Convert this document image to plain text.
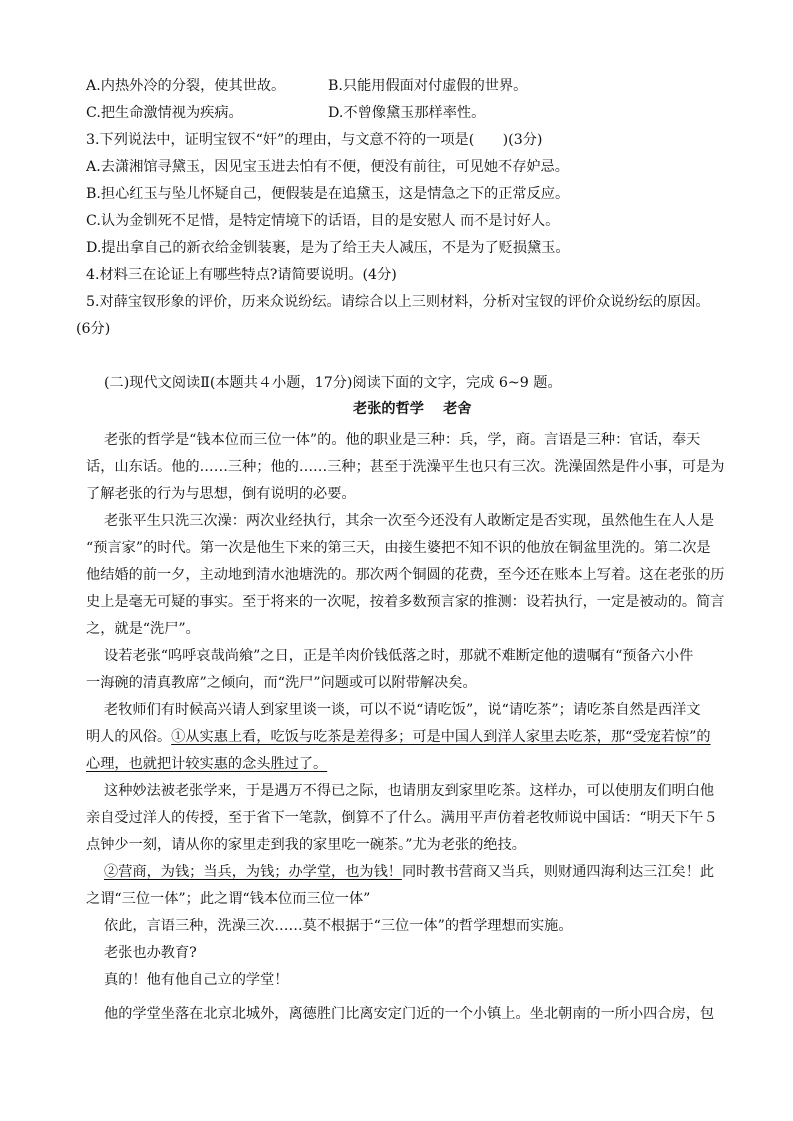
A.内热外冷的分裂，使其世故。	B.只能用假面对付虚假的世界。
C.把生命激情视为疾病。	D.不曾像黛玉那样率性。
3.下列说法中，证明宝钗不“奸”的理由，与文意不符的一项是(　　)(3分)
A.去潇湘馆寻黛玉，因见宝玉进去怕有不便，便没有前往，可见她不存妒忌。
B.担心红玉与坠儿怀疑自己，便假装是在追黛玉，这是情急之下的正常反应。
C.认为金钏死不足惜，是特定情境下的话语，目的是安慰人 而不是讨好人。
D.提出拿自己的新衣给金钏装裹，是为了给王夫人减压，不是为了贬损黛玉。
4.材料三在论证上有哪些特点?请简要说明。(4分)
5.对薛宝钗形象的评价，历来众说纷纭。请综合以上三则材料，分析对宝钗的评价众说纷纭的原因。
(6分)
(二)现代文阅读Ⅱ(本题共４小题，17分)阅读下面的文字，完成 6~9 题。
老张的哲学　 老舍
老张的哲学是“钱本位而三位一体”的。他的职业是三种：兵，学，商。言语是三种：官话，奉天
话，山东话。他的……三种；他的……三种；甚至于洗澡平生也只有三次。洗澡固然是件小事，可是为
了解老张的行为与思想，倒有说明的必要。
老张平生只洗三次澡：两次业经执行，其余一次至今还没有人敢断定是否实现，虽然他生在人人是
“预言家”的时代。第一次是他生下来的第三天，由接生婆把不知不识的他放在铜盆里洗的。第二次是
他结婚的前一夕，主动地到清水池塘洗的。那次两个铜圆的花费，至今还在账本上写着。这在老张的历
史上是毫无可疑的事实。至于将来的一次呢，按着多数预言家的推测：设若执行，一定是被动的。简言
之，就是“洗尸”。
设若老张“呜呼哀哉尚飨”之日，正是羊肉价钱低落之时，那就不难断定他的遗嘱有“预备六小件
一海碗的清真教席”之倾向，而“洗尸”问题或可以附带解决矣。
老牧师们有时候高兴请人到家里谈一谈，可以不说“请吃饭”，说“请吃茶”；请吃茶自然是西洋文
明人的风俗。①从实惠上看，吃饭与吃茶是差得多；可是中国人到洋人家里去吃茶，那“受宠若惊”的
心理，也就把计较实惠的念头胜过了。
这种妙法被老张学来，于是遇万不得已之际，也请朋友到家里吃茶。这样办，可以使朋友们明白他
亲自受过洋人的传授，至于省下一笔款，倒算不了什么。满用平声仿着老牧师说中国话：“明天下午５
点钟少一刻，请从你的家里走到我的家里吃一碗茶。”尤为老张的绝技。
②营商，为钱；当兵，为钱；办学堂，也为钱！同时教书营商又当兵，则财通四海利达三江矣！此
之谓“三位一体”；此之谓“钱本位而三位一体”
依此，言语三种，洗澡三次……莫不根据于“三位一体”的哲学理想而实施。
老张也办教育?
真的！他有他自己立的学堂！
他的学堂坐落在北京北城外，离德胜门比离安定门近的一个小镇上。坐北朝南的一所小四合房，包
